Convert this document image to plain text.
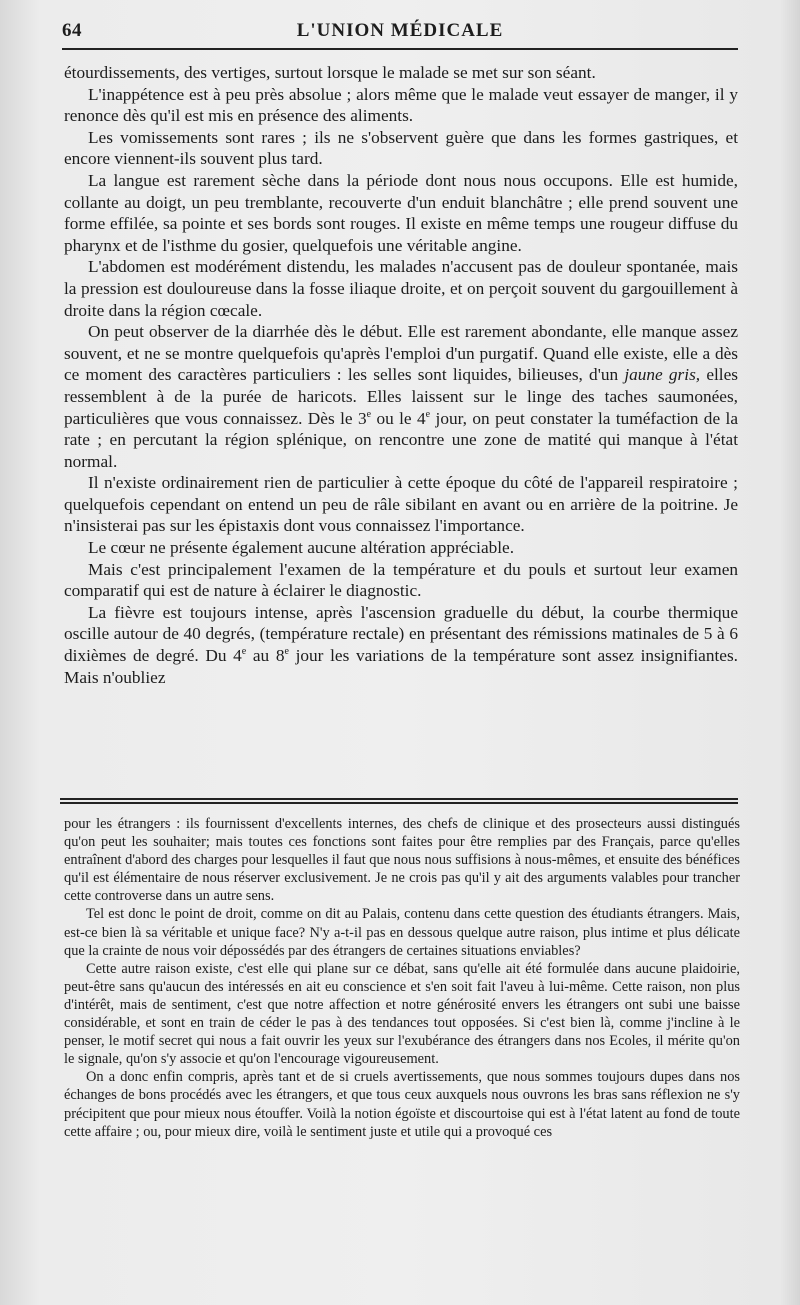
64	L'UNION MÉDICALE

étourdissements, des vertiges, surtout lorsque le malade se met sur son séant.

L'inappétence est à peu près absolue ; alors même que le malade veut essayer de manger, il y renonce dès qu'il est mis en présence des aliments.

Les vomissements sont rares ; ils ne s'observent guère que dans les formes gastriques, et encore viennent-ils souvent plus tard.

La langue est rarement sèche dans la période dont nous nous occupons. Elle est humide, collante au doigt, un peu tremblante, recouverte d'un enduit blanchâtre ; elle prend souvent une forme effilée, sa pointe et ses bords sont rouges. Il existe en même temps une rougeur diffuse du pharynx et de l'isthme du gosier, quelquefois une véritable angine.

L'abdomen est modérément distendu, les malades n'accusent pas de douleur spontanée, mais la pression est douloureuse dans la fosse iliaque droite, et on perçoit souvent du gargouillement à droite dans la région cœcale.

On peut observer de la diarrhée dès le début. Elle est rarement abondante, elle manque assez souvent, et ne se montre quelquefois qu'après l'emploi d'un purgatif. Quand elle existe, elle a dès ce moment des caractères particuliers : les selles sont liquides, bilieuses, d'un jaune gris, elles ressemblent à de la purée de haricots. Elles laissent sur le linge des taches saumonées, particulières que vous connaissez. Dès le 3e ou le 4e jour, on peut constater la tuméfaction de la rate ; en percutant la région splénique, on rencontre une zone de matité qui manque à l'état normal.

Il n'existe ordinairement rien de particulier à cette époque du côté de l'appareil respiratoire ; quelquefois cependant on entend un peu de râle sibilant en avant ou en arrière de la poitrine. Je n'insisterai pas sur les épistaxis dont vous connaissez l'importance.

Le cœur ne présente également aucune altération appréciable.

Mais c'est principalement l'examen de la température et du pouls et surtout leur examen comparatif qui est de nature à éclairer le diagnostic.

La fièvre est toujours intense, après l'ascension graduelle du début, la courbe thermique oscille autour de 40 degrés, (température rectale) en présentant des rémissions matinales de 5 à 6 dixièmes de degré. Du 4e au 8e jour les variations de la température sont assez insignifiantes. Mais n'oubliez

pour les étrangers : ils fournissent d'excellents internes, des chefs de clinique et des prosecteurs aussi distingués qu'on peut les souhaiter; mais toutes ces fonctions sont faites pour être remplies par des Français, parce qu'elles entraînent d'abord des charges pour lesquelles il faut que nous nous suffisions à nous-mêmes, et ensuite des bénéfices qu'il est élémentaire de nous réserver exclusivement. Je ne crois pas qu'il y ait des arguments valables pour trancher cette controverse dans un autre sens.

Tel est donc le point de droit, comme on dit au Palais, contenu dans cette question des étudiants étrangers. Mais, est-ce bien là sa véritable et unique face? N'y a-t-il pas en dessous quelque autre raison, plus intime et plus délicate que la crainte de nous voir dépossédés par des étrangers de certaines situations enviables?

Cette autre raison existe, c'est elle qui plane sur ce débat, sans qu'elle ait été formulée dans aucune plaidoirie, peut-être sans qu'aucun des intéressés en ait eu conscience et s'en soit fait l'aveu à lui-même. Cette raison, non plus d'intérêt, mais de sentiment, c'est que notre affection et notre générosité envers les étrangers ont subi une baisse considérable, et sont en train de céder le pas à des tendances tout opposées. Si c'est bien là, comme j'incline à le penser, le motif secret qui nous a fait ouvrir les yeux sur l'exubérance des étrangers dans nos Ecoles, il mérite qu'on le signale, qu'on s'y associe et qu'on l'encourage vigoureusement.

On a donc enfin compris, après tant et de si cruels avertissements, que nous sommes toujours dupes dans nos échanges de bons procédés avec les étrangers, et que tous ceux auxquels nous ouvrons les bras sans réflexion ne s'y précipitent que pour mieux nous étouffer. Voilà la notion égoïste et discourtoise qui est à l'état latent au fond de toute cette affaire ; ou, pour mieux dire, voilà le sentiment juste et utile qui a provoqué ces
